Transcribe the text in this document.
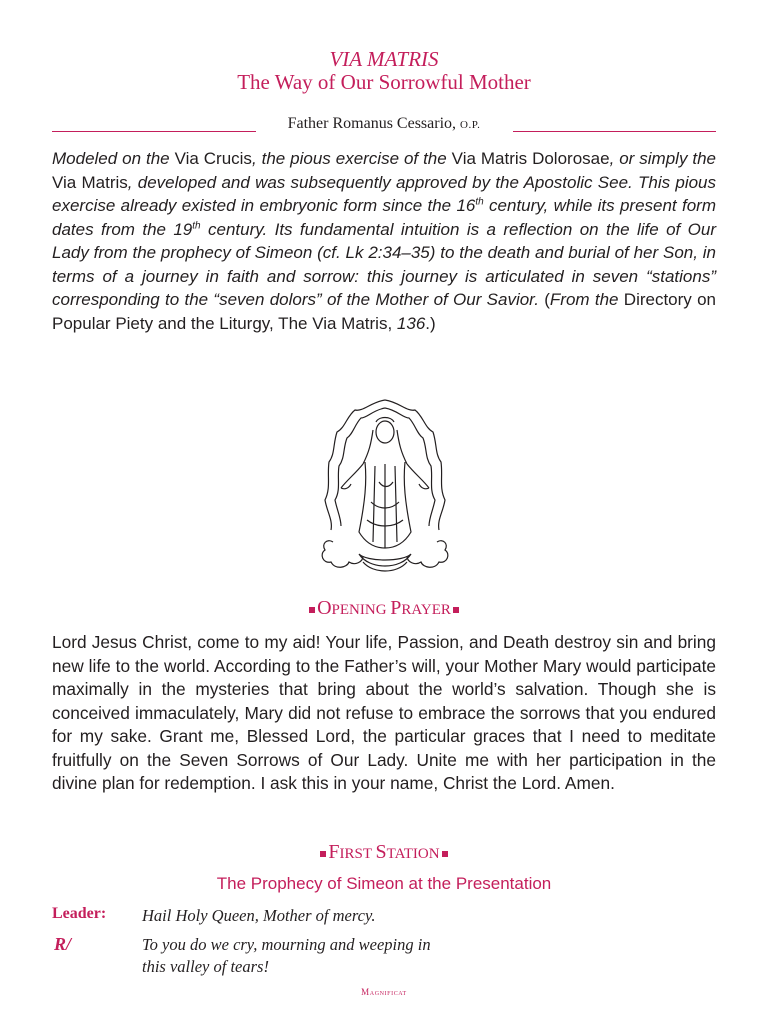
VIA MATRIS
The Way of Our Sorrowful Mother
Father Romanus Cessario, O.P.
Modeled on the Via Crucis, the pious exercise of the Via Matris Dolorosae, or simply the Via Matris, developed and was subsequently approved by the Apostolic See. This pious exercise already existed in embryonic form since the 16th century, while its present form dates from the 19th century. Its fundamental intuition is a reflection on the life of Our Lady from the prophecy of Simeon (cf. Lk 2:34–35) to the death and burial of her Son, in terms of a journey in faith and sorrow: this journey is articulated in seven “stations” corresponding to the “seven dolors” of the Mother of Our Savior. (From the Directory on Popular Piety and the Liturgy, The Via Matris, 136.)
OPENING PRAYER
Lord Jesus Christ, come to my aid! Your life, Passion, and Death destroy sin and bring new life to the world. According to the Father’s will, your Mother Mary would participate maximally in the mysteries that bring about the world’s salvation. Though she is conceived immaculately, Mary did not refuse to embrace the sorrows that you endured for my sake. Grant me, Blessed Lord, the particular graces that I need to meditate fruitfully on the Seven Sorrows of Our Lady. Unite me with her participation in the divine plan for redemption. I ask this in your name, Christ the Lord. Amen.
FIRST STATION
The Prophecy of Simeon at the Presentation
Leader: Hail Holy Queen, Mother of mercy.
R/	To you do we cry, mourning and weeping in
this valley of tears!
Magnificat
